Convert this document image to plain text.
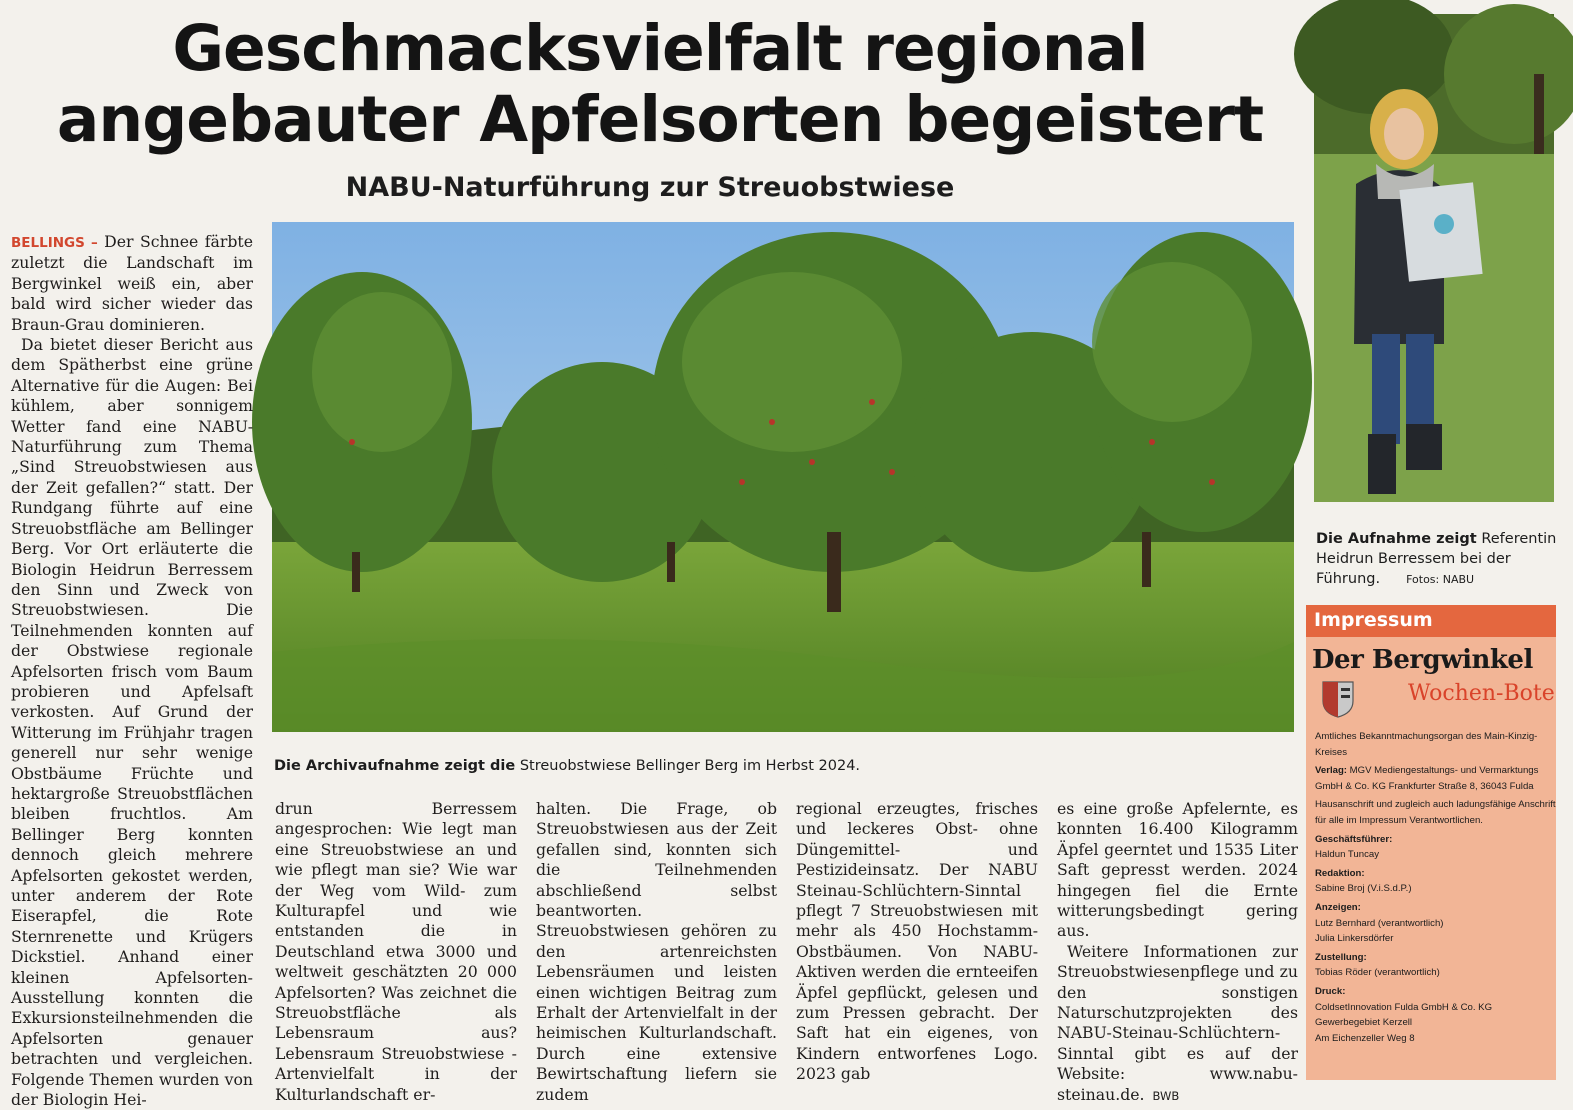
Geschmacksvielfalt regional
angebauter Apfelsorten begeistert
NABU-Naturführung zur Streuobstwiese
Die Archivaufnahme zeigt die Streuobstwiese Bellinger Berg im Herbst 2024.

BELLINGS – Der Schnee färbte zuletzt die Landschaft im Bergwinkel weiß ein, aber bald wird sicher wieder das Braun-Grau dominieren.

Da bietet dieser Bericht aus dem Spätherbst eine grüne Alternative für die Augen: Bei kühlem, aber sonnigem Wetter fand eine NABU-Naturführung zum Thema „Sind Streuobstwiesen aus der Zeit gefallen?“ statt. Der Rundgang führte auf eine Streuobstfläche am Bellinger Berg. Vor Ort erläuterte die Biologin Heidrun Berressem den Sinn und Zweck von Streuobstwiesen. Die Teilnehmenden konnten auf der Obstwiese regionale Apfelsorten frisch vom Baum probieren und Apfelsaft verkosten. Auf Grund der Witterung im Frühjahr tragen generell nur sehr wenige Obstbäume Früchte und hektargroße Streuobstflächen bleiben fruchtlos. Am Bellinger Berg konnten dennoch gleich mehrere Apfelsorten gekostet werden, unter anderem der Rote Eiserapfel, die Rote Sternrenette und Krügers Dickstiel. Anhand einer kleinen Apfelsorten-Ausstellung konnten die Exkursionsteilnehmenden die Apfelsorten genauer betrachten und vergleichen. Folgende Themen wurden von der Biologin Hei-

drun Berressem angesprochen: Wie legt man eine Streuobstwiese an und wie pflegt man sie? Wie war der Weg vom Wild- zum Kulturapfel und wie entstanden die in Deutschland etwa 3000 und weltweit geschätzten 20 000 Apfelsorten? Was zeichnet die Streuobstfläche als Lebensraum aus? Lebensraum Streuobstwiese - Artenvielfalt in der Kulturlandschaft er-

halten. Die Frage, ob Streuobstwiesen aus der Zeit gefallen sind, konnten sich die Teilnehmenden abschließend selbst beantworten. Streuobstwiesen gehören zu den artenreichsten Lebensräumen und leisten einen wichtigen Beitrag zum Erhalt der Artenvielfalt in der heimischen Kulturlandschaft. Durch eine extensive Bewirtschaftung liefern sie zudem

regional erzeugtes, frisches und leckeres Obst- ohne Düngemittel- und Pestizideinsatz. Der NABU Steinau-Schlüchtern-Sinntal pflegt 7 Streuobstwiesen mit mehr als 450 Hochstamm-Obstbäumen. Von NABU-Aktiven werden die ernteeifen Äpfel gepflückt, gelesen und zum Pressen gebracht. Der Saft hat ein eigenes, von Kindern entworfenes Logo. 2023 gab

es eine große Apfelernte, es konnten 16.400 Kilogramm Äpfel geerntet und 1535 Liter Saft gepresst werden. 2024 hingegen fiel die Ernte witterungsbedingt gering aus.

Weitere Informationen zur Streuobstwiesenpflege und zu den sonstigen Naturschutzprojekten des NABU-Steinau-Schlüchtern-Sinntal gibt es auf der Website: www.nabu-steinau.de. BWB

Die Aufnahme zeigt Referentin Heidrun Berressem bei der Führung. Fotos: NABU
Impressum
Der Bergwinkel
Wochen-Bote
Amtliches Bekanntmachungsorgan des Main-Kinzig-Kreises
Verlag: MGV Mediengestaltungs- und Vermarktungs GmbH & Co. KG Frankfurter Straße 8, 36043 Fulda
Hausanschrift und zugleich auch ladungsfähige Anschrift für alle im Impressum Verantwortlichen.
Geschäftsführer:
Haldun Tuncay
Redaktion:
Sabine Broj (V.i.S.d.P.)
Anzeigen:
Lutz Bernhard (verantwortlich)
Julia Linkersdörfer
Zustellung:
Tobias Röder (verantwortlich)
Druck:
ColdsetInnovation Fulda GmbH & Co. KG
Gewerbegebiet Kerzell
Am Eichenzeller Weg 8
